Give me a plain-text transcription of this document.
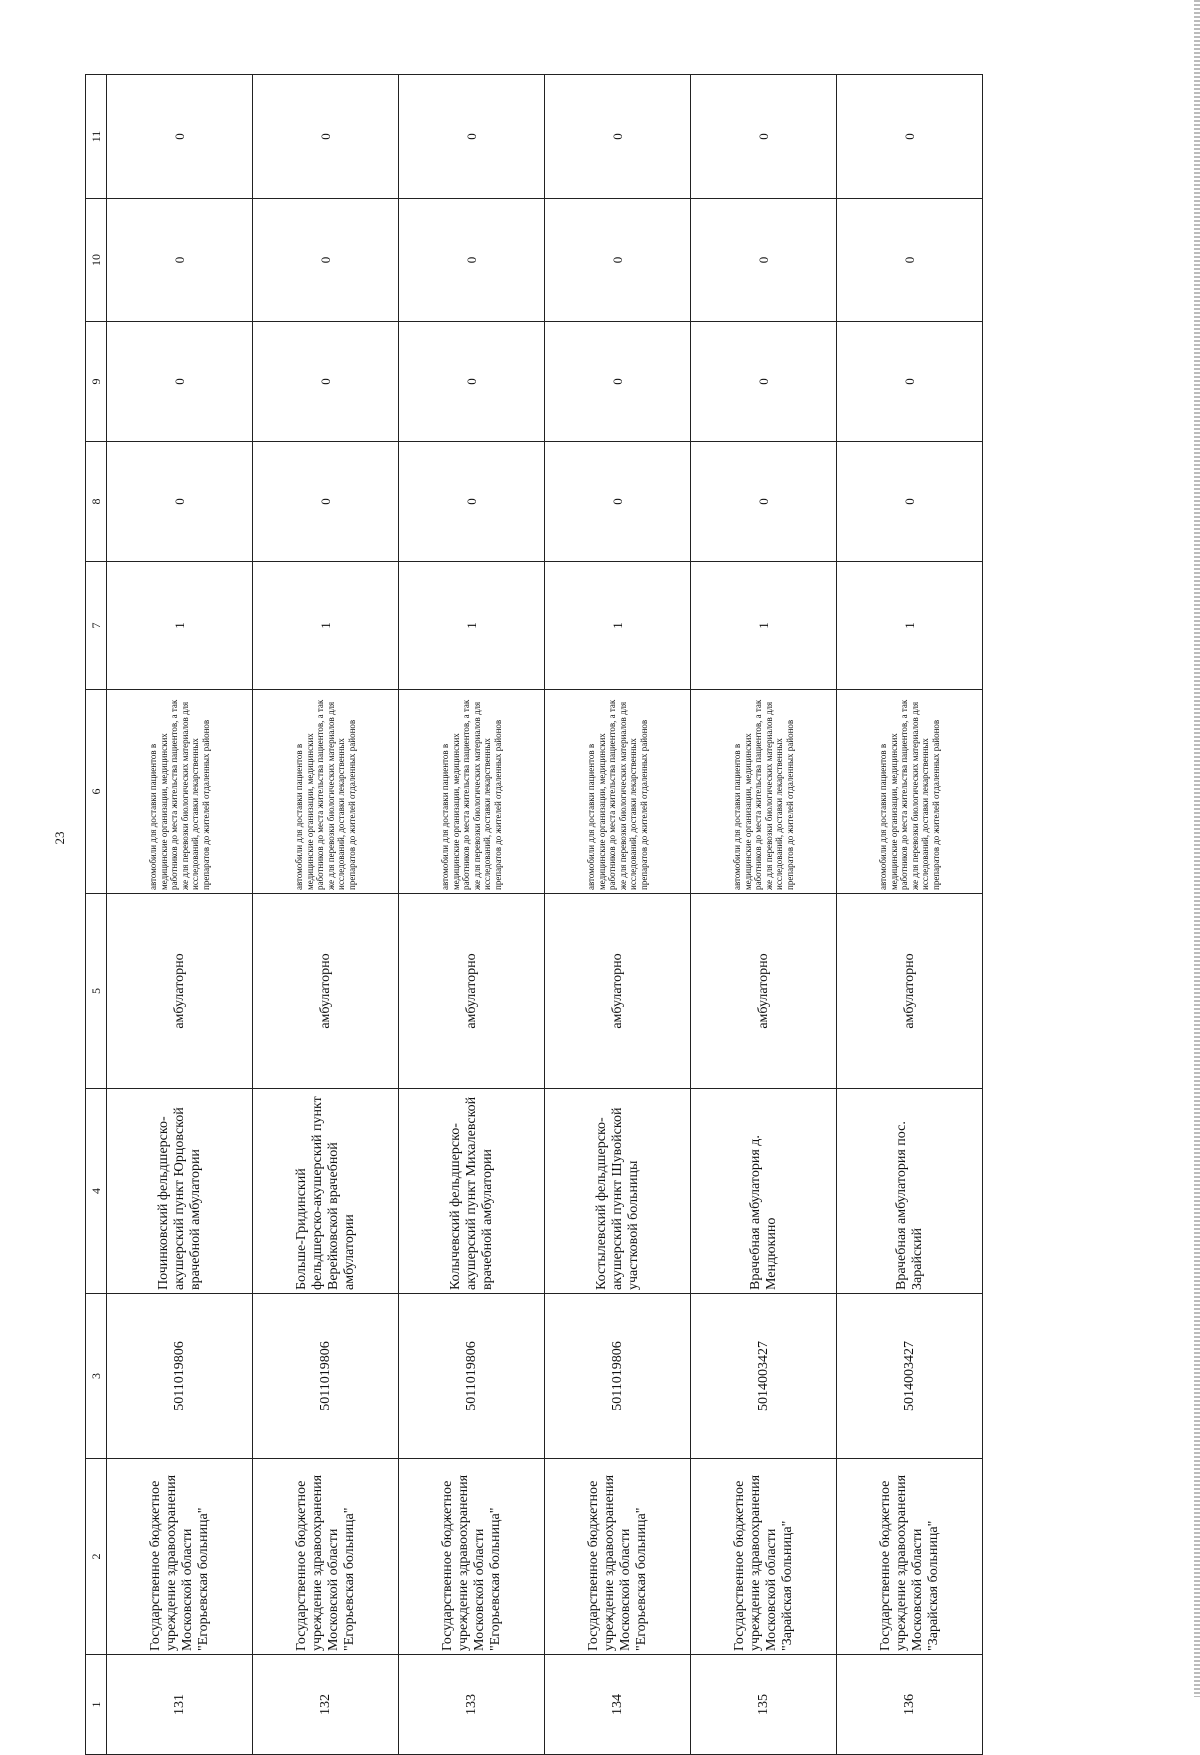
23
1	2	3	4	5	6	7	8	9	10	11
131	Государственное бюджетное учреждение здравоохранения Московской области "Егорьевская больница"	5011019806	Починковский фельдшерско-акушерский пункт Юрцовской врачебной амбулатории	амбулаторно	автомобили для доставки пациентов в медицинские организации, медицинских работников до места жительства пациентов, а так же для перевозки биологических материалов для исследований, доставки лекарственных препаратов до жителей отдаленных районов	1	0	0	0	0
132	Государственное бюджетное учреждение здравоохранения Московской области "Егорьевская больница"	5011019806	Больше-Гридинский фельдшерско-акушерский пункт Верейковской врачебной амбулатории	амбулаторно	автомобили для доставки пациентов в медицинские организации, медицинских работников до места жительства пациентов, а так же для перевозки биологических материалов для исследований, доставки лекарственных препаратов до жителей отдаленных районов	1	0	0	0	0
133	Государственное бюджетное учреждение здравоохранения Московской области "Егорьевская больница"	5011019806	Колычевский фельдшерско-акушерский пункт Михалевской врачебной амбулатории	амбулаторно	автомобили для доставки пациентов в медицинские организации, медицинских работников до места жительства пациентов, а так же для перевозки биологических материалов для исследований, доставки лекарственных препаратов до жителей отдаленных районов	1	0	0	0	0
134	Государственное бюджетное учреждение здравоохранения Московской области "Егорьевская больница"	5011019806	Костылевский фельдшерско-акушерский пункт Шувойской участковой больницы	амбулаторно	автомобили для доставки пациентов в медицинские организации, медицинских работников до места жительства пациентов, а так же для перевозки биологических материалов для исследований, доставки лекарственных препаратов до жителей отдаленных районов	1	0	0	0	0
135	Государственное бюджетное учреждение здравоохранения Московской области "Зарайская больница"	5014003427	Врачебная амбулатория д. Мендюкино	амбулаторно	автомобили для доставки пациентов в медицинские организации, медицинских работников до места жительства пациентов, а так же для перевозки биологических материалов для исследований, доставки лекарственных препаратов до жителей отдаленных районов	1	0	0	0	0
136	Государственное бюджетное учреждение здравоохранения Московской области "Зарайская больница"	5014003427	Врачебная амбулатория пос. Зарайский	амбулаторно	автомобили для доставки пациентов в медицинские организации, медицинских работников до места жительства пациентов, а так же для перевозки биологических материалов для исследований, доставки лекарственных препаратов до жителей отдаленных районов	1	0	0	0	0
